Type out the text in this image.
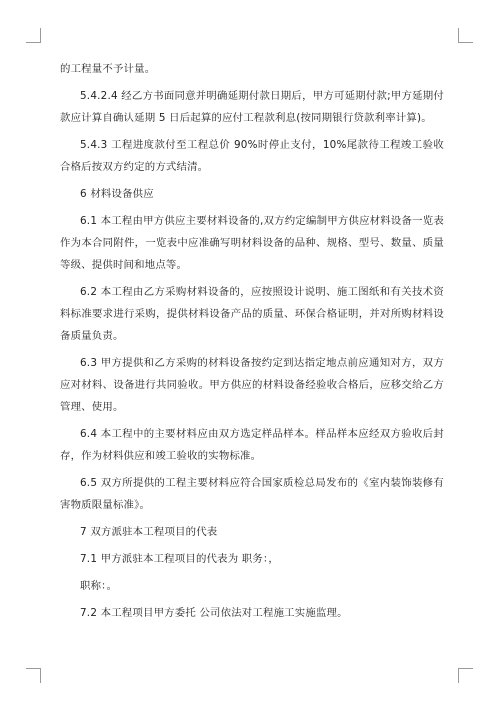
的工程量不予计量。

5.4.2.4 经乙方书面同意并明确延期付款日期后，甲方可延期付款;甲方延期付款应计算自确认延期 5 日后起算的应付工程款利息(按同期银行贷款利率计算)。

5.4.3 工程进度款付至工程总价 90%时停止支付，10%尾款待工程竣工验收合格后按双方约定的方式结清。

6 材料设备供应

6.1 本工程由甲方供应主要材料设备的,双方约定编制甲方供应材料设备一览表作为本合同附件，一览表中应准确写明材料设备的品种、规格、型号、数量、质量等级、提供时间和地点等。

6.2 本工程由乙方采购材料设备的，应按照设计说明、施工图纸和有关技术资料标准要求进行采购，提供材料设备产品的质量、环保合格证明，并对所购材料设备质量负责。

6.3 甲方提供和乙方采购的材料设备按约定到达指定地点前应通知对方，双方应对材料、设备进行共同验收。甲方供应的材料设备经验收合格后，应移交给乙方管理、使用。

6.4 本工程中的主要材料应由双方选定样品样本。样品样本应经双方验收后封存，作为材料供应和竣工验收的实物标准。

6.5 双方所提供的工程主要材料应符合国家质检总局发布的《室内装饰装修有害物质限量标准》。

7 双方派驻本工程项目的代表

7.1 甲方派驻本工程项目的代表为 职务：，

职称：。

7.2 本工程项目甲方委托 公司依法对工程施工实施监理。
